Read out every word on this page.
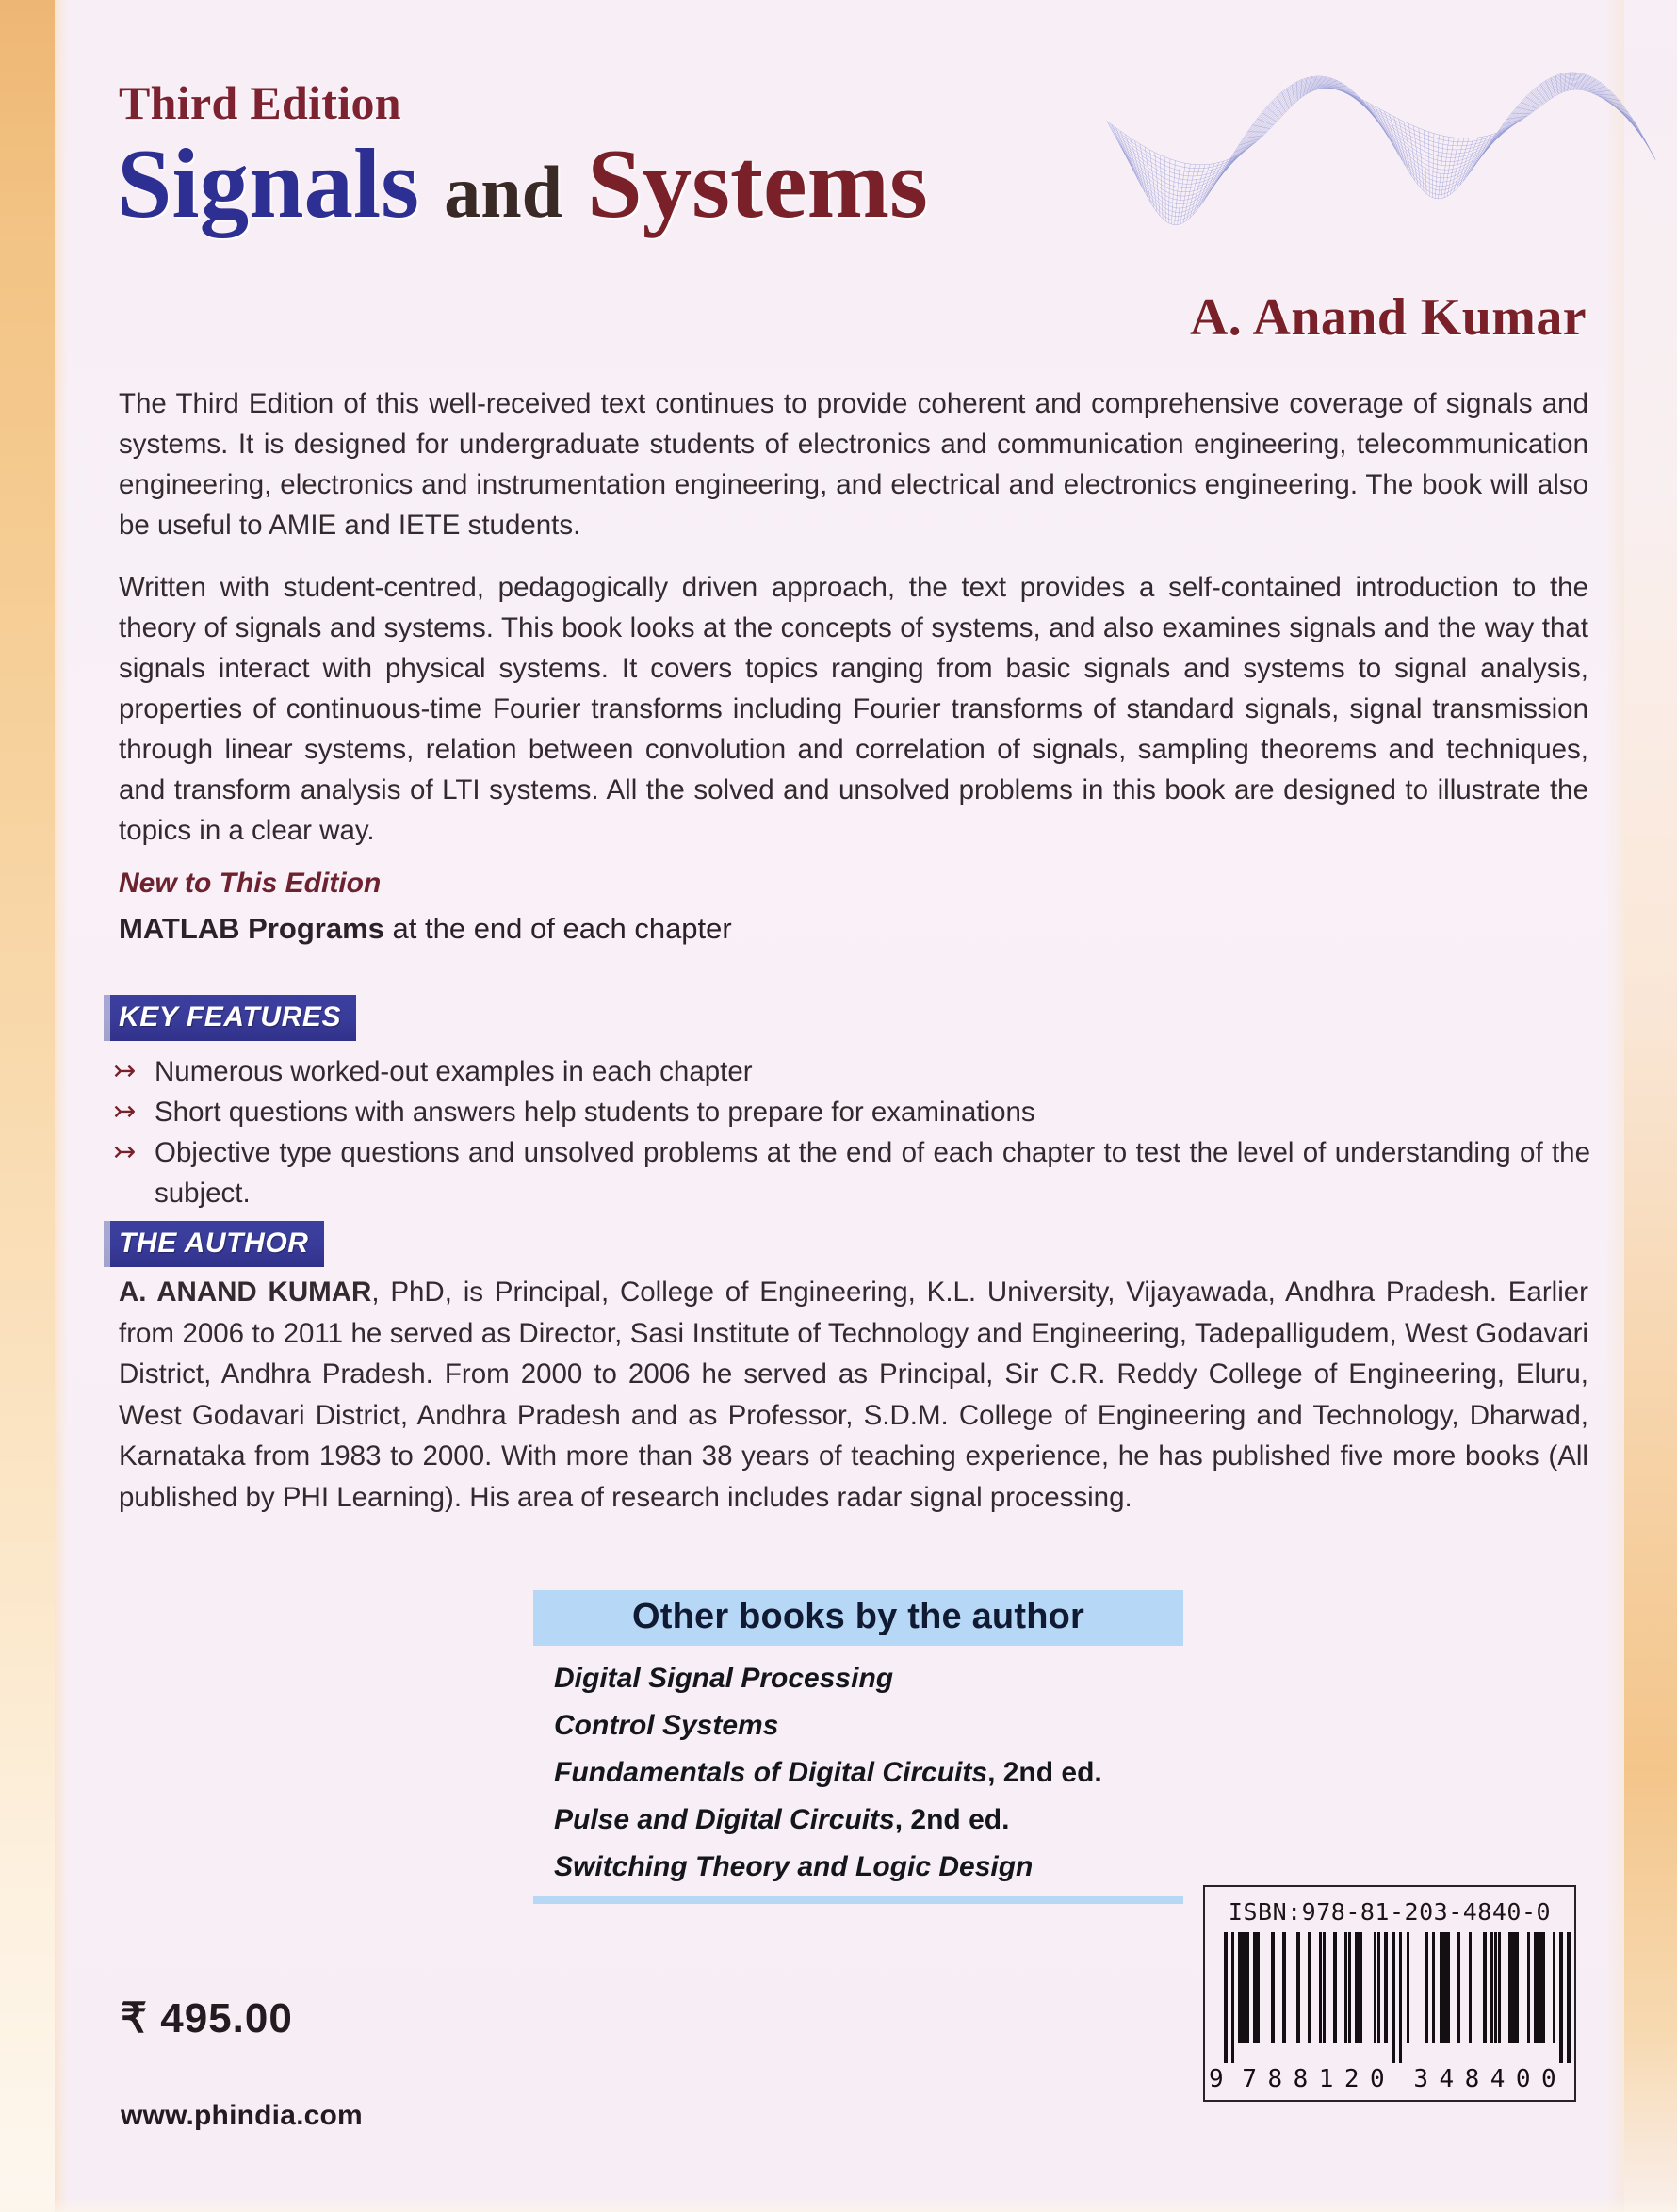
Third Edition
Signals and Systems
A. Anand Kumar
The Third Edition of this well-received text continues to provide coherent and comprehensive coverage of signals and systems. It is designed for undergraduate students of electronics and communication engineering, telecommunication engineering, electronics and instrumentation engineering, and electrical and electronics engineering. The book will also be useful to AMIE and IETE students.
Written with student-centred, pedagogically driven approach, the text provides a self-contained introduction to the theory of signals and systems. This book looks at the concepts of systems, and also examines signals and the way that signals interact with physical systems. It covers topics ranging from basic signals and systems to signal analysis, properties of continuous-time Fourier transforms including Fourier transforms of standard signals, signal transmission through linear systems, relation between convolution and correlation of signals, sampling theorems and techniques, and transform analysis of LTI systems. All the solved and unsolved problems in this book are designed to illustrate the topics in a clear way.
New to This Edition
MATLAB Programs at the end of each chapter
KEY FEATURES
↣ Numerous worked-out examples in each chapter
↣ Short questions with answers help students to prepare for examinations
↣ Objective type questions and unsolved problems at the end of each chapter to test the level of understanding of the subject.
THE AUTHOR
A. ANAND KUMAR, PhD, is Principal, College of Engineering, K.L. University, Vijayawada, Andhra Pradesh. Earlier from 2006 to 2011 he served as Director, Sasi Institute of Technology and Engineering, Tadepalligudem, West Godavari District, Andhra Pradesh. From 2000 to 2006 he served as Principal, Sir C.R. Reddy College of Engineering, Eluru, West Godavari District, Andhra Pradesh and as Professor, S.D.M. College of Engineering and Technology, Dharwad, Karnataka from 1983 to 2000. With more than 38 years of teaching experience, he has published five more books (All published by PHI Learning). His area of research includes radar signal processing.
Other books by the author
Digital Signal Processing
Control Systems
Fundamentals of Digital Circuits, 2nd ed.
Pulse and Digital Circuits, 2nd ed.
Switching Theory and Logic Design
₹ 495.00
www.phindia.com
ISBN:978-81-203-4840-0
9 7 8 8 1 2 0 3 4 8 4 0 0
